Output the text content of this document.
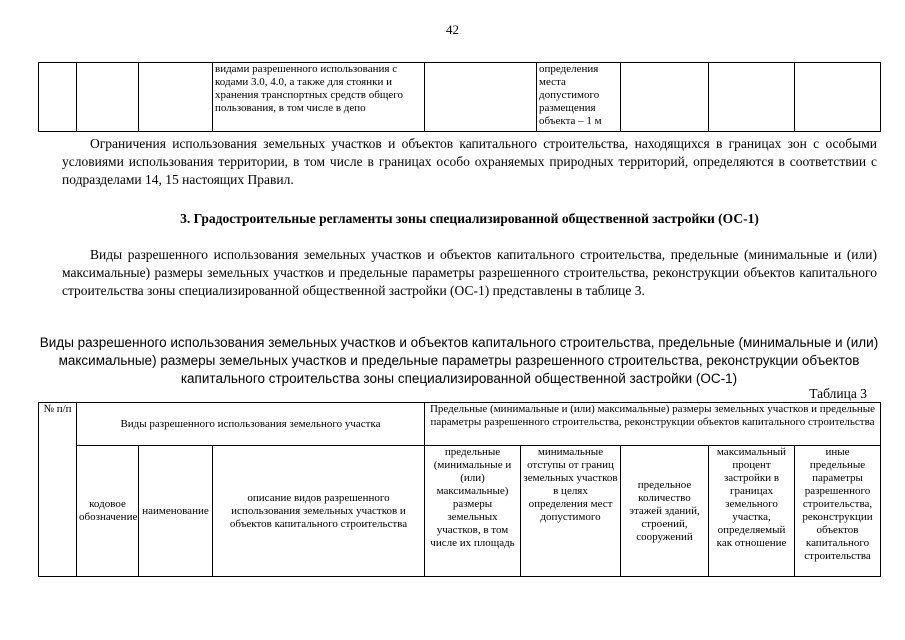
42
			видами разрешенного использования с кодами 3.0, 4.0, а также для стоянки и хранения транспортных средств общего пользования, в том числе в депо		определения места допустимого размещения объекта – 1 м			
Ограничения использования земельных участков и объектов капитального строительства, находящихся в границах зон с особыми условиями использования территории, в том числе в границах особо охраняемых природных территорий, определяются в соответствии с подразделами 14, 15 настоящих Правил.
3. Градостроительные регламенты зоны специализированной общественной застройки (ОС-1)
Виды разрешенного использования земельных участков и объектов капитального строительства, предельные (минимальные и (или) максимальные) размеры земельных участков и предельные параметры разрешенного строительства, реконструкции объектов капитального строительства зоны специализированной общественной застройки (ОС-1) представлены в таблице 3.
Виды разрешенного использования земельных участков и объектов капитального строительства, предельные (минимальные и (или) максимальные) размеры земельных участков и предельные параметры разрешенного строительства, реконструкции объектов капитального строительства зоны специализированной общественной застройки (ОС-1)
Таблица 3
№ п/п	Виды разрешенного использования земельного участка			Предельные (минимальные и (или) максимальные) размеры земельных участков и предельные параметры разрешенного строительства, реконструкции объектов капитального строительства				
	кодовое обозначение	наименование	описание видов разрешенного использования земельных участков и объектов капитального строительства	предельные (минимальные и (или) максимальные) размеры земельных участков, в том числе их площадь	минимальные отступы от границ земельных участков в целях определения мест допустимого	предельное количество этажей зданий, строений, сооружений	максимальный процент застройки в границах земельного участка, определяемый как отношение	иные предельные параметры разрешенного строительства, реконструкции объектов капитального строительства
